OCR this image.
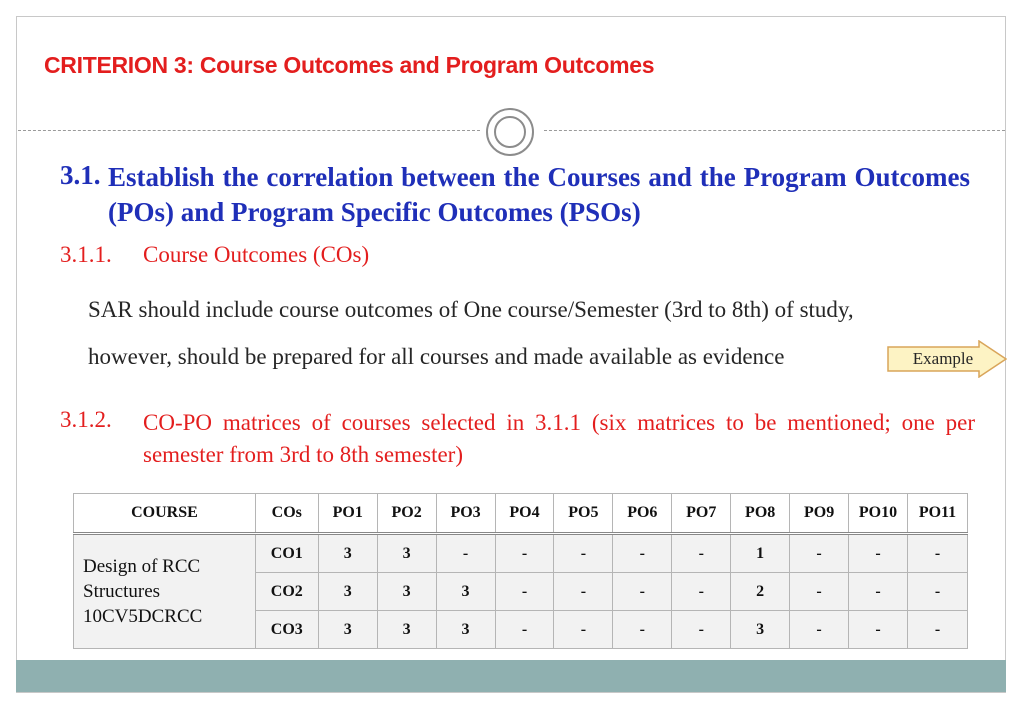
CRITERION 3: Course Outcomes and Program Outcomes
3.1. Establish the correlation between the Courses and the Program Outcomes (POs) and Program Specific Outcomes (PSOs)
3.1.1. Course Outcomes (COs)
SAR should include course outcomes of One course/Semester (3rd to 8th) of study,
however, should be prepared for all courses and made available as evidence	Example
3.1.2. CO-PO matrices of courses selected in 3.1.1 (six matrices to be mentioned; one per semester from 3rd to 8th semester)
COURSE	COs	PO1	PO2	PO3	PO4	PO5	PO6	PO7	PO8	PO9	PO10	PO11

Design of RCC
Structures
10CV5DCRCC	CO1	3	3	-	-	-	-	-	1	-	-	-
	CO2	3	3	3	-	-	-	-	2	-	-	-
	CO3	3	3	3	-	-	-	-	3	-	-	-
